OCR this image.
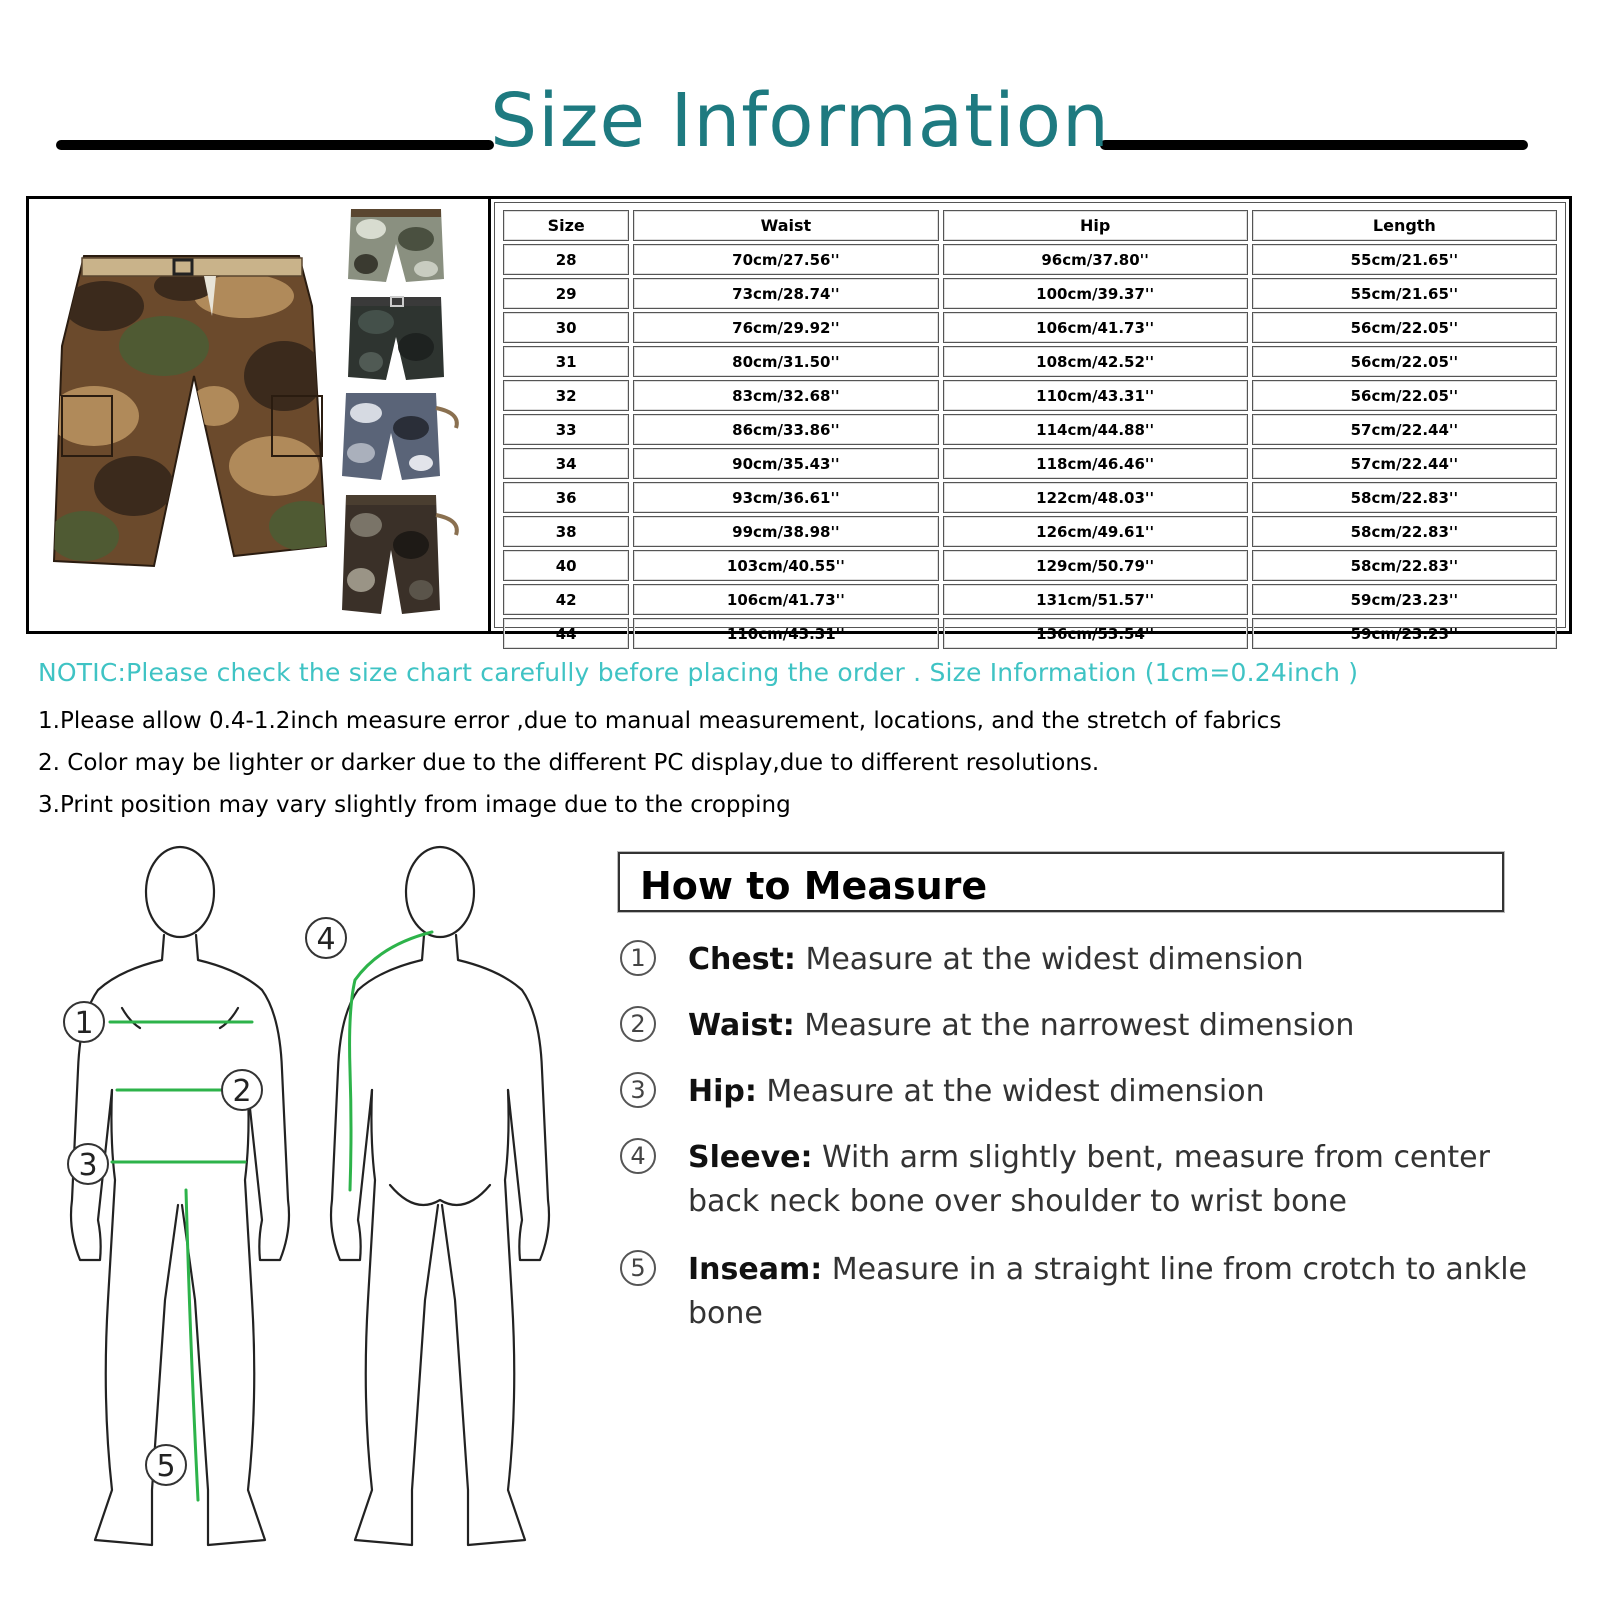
Size Information
Size	Waist	Hip	Length
28	70cm/27.56''	96cm/37.80''	55cm/21.65''
29	73cm/28.74''	100cm/39.37''	55cm/21.65''
30	76cm/29.92''	106cm/41.73''	56cm/22.05''
31	80cm/31.50''	108cm/42.52''	56cm/22.05''
32	83cm/32.68''	110cm/43.31''	56cm/22.05''
33	86cm/33.86''	114cm/44.88''	57cm/22.44''
34	90cm/35.43''	118cm/46.46''	57cm/22.44''
36	93cm/36.61''	122cm/48.03''	58cm/22.83''
38	99cm/38.98''	126cm/49.61''	58cm/22.83''
40	103cm/40.55''	129cm/50.79''	58cm/22.83''
42	106cm/41.73''	131cm/51.57''	59cm/23.23''
44	110cm/43.31''	136cm/53.54''	59cm/23.23''
NOTIC:Please check the size chart carefully before placing the order . Size Information (1cm=0.24inch )
1.Please allow 0.4-1.2inch measure error ,due to manual measurement, locations, and the stretch of fabrics
2. Color may be lighter or darker due to the different PC display,due to different resolutions.
3.Print position may vary slightly from image due to the cropping
1
2
3
5
4
How to Measure
1	Chest: Measure at the widest dimension
2	Waist: Measure at the narrowest dimension
3	Hip: Measure at the widest dimension
4	Sleeve: With arm slightly bent, measure from center back neck bone over shoulder to wrist bone
5	Inseam: Measure in a straight line from crotch to ankle bone
